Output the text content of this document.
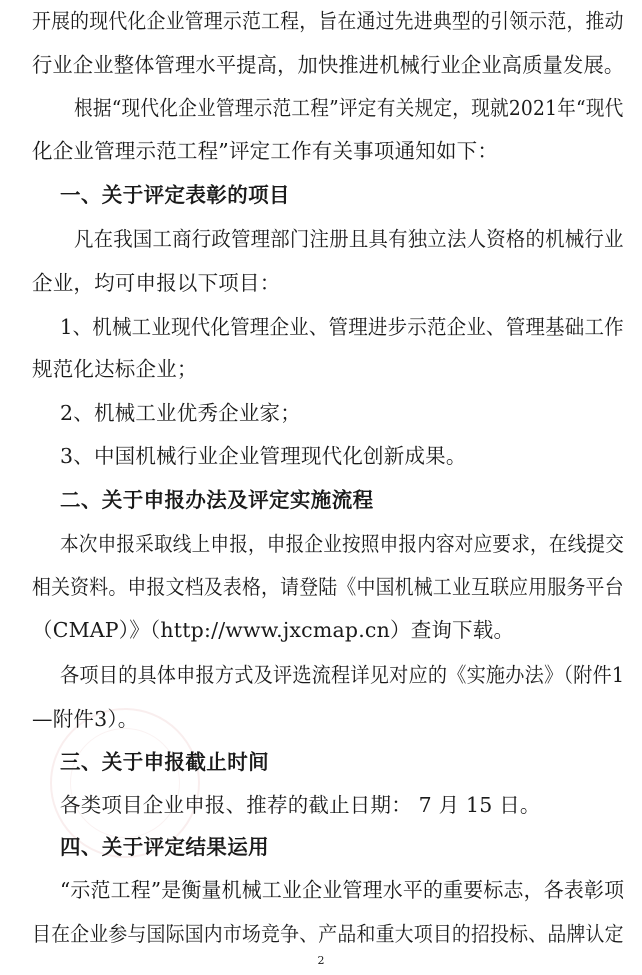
开展的现代化企业管理示范工程，旨在通过先进典型的引领示范，推动
行业企业整体管理水平提高，加快推进机械行业企业高质量发展。
根据“现代化企业管理示范工程”评定有关规定，现就2021年“现代
化企业管理示范工程”评定工作有关事项通知如下：
一、关于评定表彰的项目
凡在我国工商行政管理部门注册且具有独立法人资格的机械行业
企业，均可申报以下项目：
1、机械工业现代化管理企业、管理进步示范企业、管理基础工作
规范化达标企业；
2、机械工业优秀企业家；
3、中国机械行业企业管理现代化创新成果。
二、关于申报办法及评定实施流程
本次申报采取线上申报，申报企业按照申报内容对应要求，在线提交
相关资料。申报文档及表格，请登陆《中国机械工业互联应用服务平台
（CMAP）》（http://www.jxcmap.cn）查询下载。
各项目的具体申报方式及评选流程详见对应的《实施办法》（附件1
—附件3）。
三、关于申报截止时间
各类项目企业申报、推荐的截止日期： 7 月 15 日。
四、关于评定结果运用
“示范工程”是衡量机械工业企业管理水平的重要标志，各表彰项
目在企业参与国际国内市场竞争、产品和重大项目的招投标、品牌认定
2
